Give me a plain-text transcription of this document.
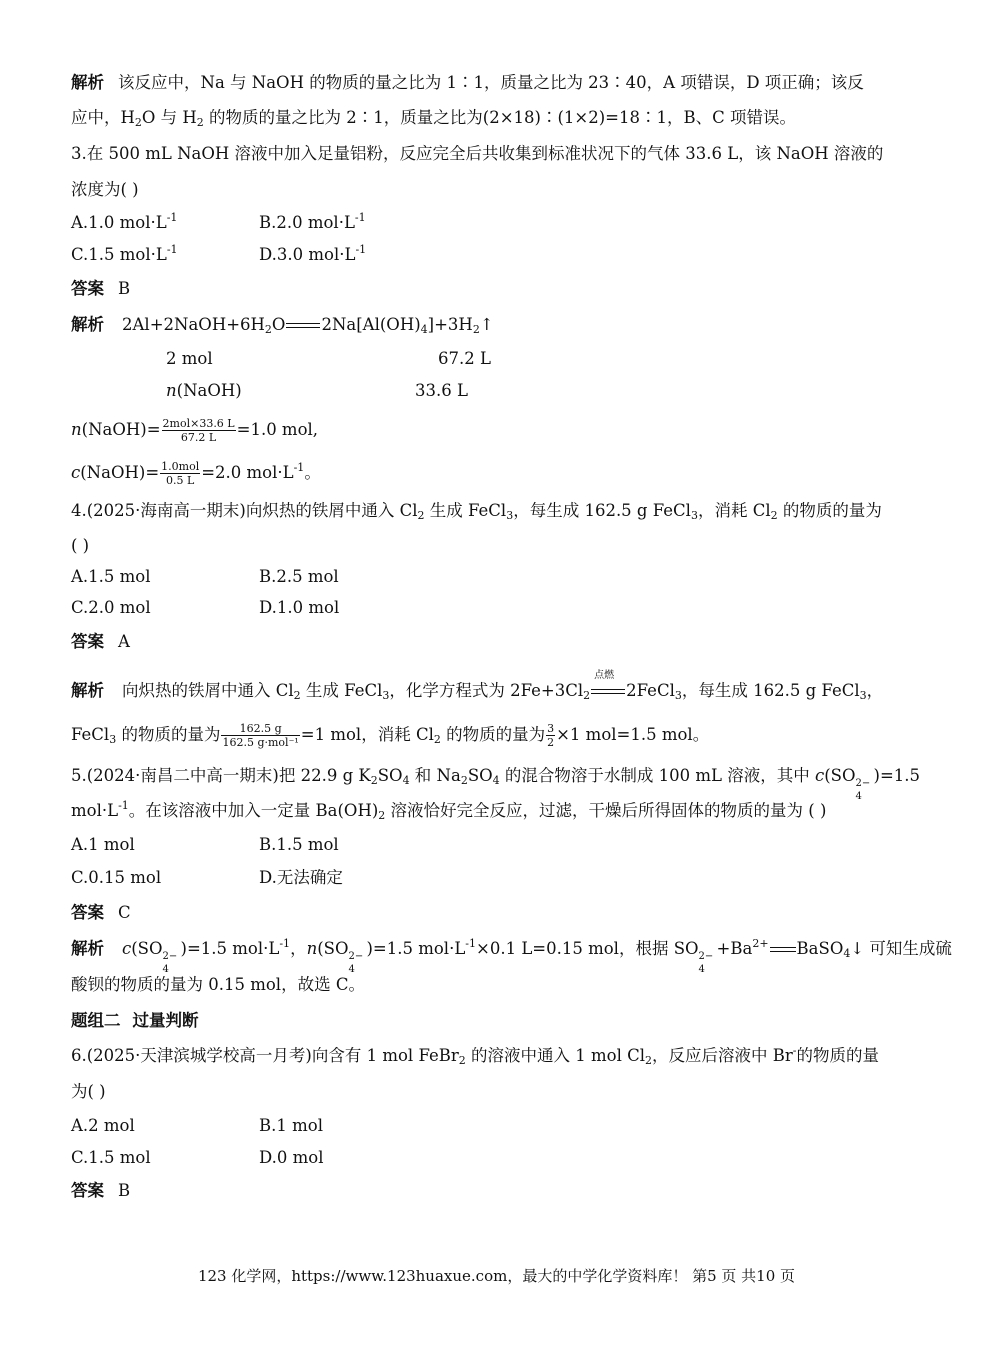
解析 该反应中，Na 与 NaOH 的物质的量之比为 1∶1，质量之比为 23∶40，A 项错误，D 项正确；该反
应中，$H_2O$ 与 $H_2$ 的物质的量之比为 2∶1，质量之比为(2×18)∶(1×2)=18∶1，B、C 项错误。
3.在 500 mL NaOH 溶液中加入足量铝粉，反应完全后共收集到标准状况下的气体 33.6 L，该 NaOH 溶液的
浓度为( )
A.1.0 $mol\cdot L^{-1}$	B.2.0 $mol\cdot L^{-1}$
C.1.5 $mol\cdot L^{-1}$	D.3.0 $mol\cdot L^{-1}$
答案 B
解析 $2Al+2NaOH+6H_2O$ $2Na[Al(OH)_4]+3H_2↑$
2 mol	67.2 L
n(NaOH)	33.6 L
n(NaOH)= $\frac{\text{2mol×33.6 L}}{67.2 L} =1.0$ mol,
c(NaOH)= $\frac{\text{1.0mol}}{0.5 L} =2.0$ $mol\cdot L^{-1}$。
4.(2025·海南高一期末)向炽热的铁屑中通入 $Cl_2$ 生成 FeCl$_3$，每生成 162.5 g FeCl$_3$，消耗 $Cl_2$ 的物质的量为
( )
A.1.5 mol	B.2.5 mol
C.2.0 mol	D.1.0 mol
答案 A
解析 向炽热的铁屑中通入 $Cl_2$ 生成 FeCl$_3$，化学方程式为 $2Fe+3Cl_2$
点燃
2FeCl$_3$，每生成 162.5 g FeCl$_3$，
FeCl$_3$ 的物质的量为 $\frac{162.5 g}{\text{162.5 g·mol⁻¹}} =1$ mol，消耗 $Cl_2$ 的物质的量为 $\frac{3}{2} \times 1$ mol=1.5 mol。
5.(2024·南昌二中高一期末)把 22.9 g $K_2SO_4$ 和 $Na_2SO_4$ 的混合物溶于水制成 100 mL 溶液，其中 c(SO 2−
4
)=1.5
$mol\cdot L^{-1}$。在该溶液中加入一定量 $Ba(OH)_2$ 溶液恰好完全反应，过滤，干燥后所得固体的物质的量为 ( )
A.1 mol	B.1.5 mol
C.0.15 mol	D.无法确定
答案 C
解析 c(SO 2−
4
)=1.5 $mol\cdot L^{-1}$，n(SO 2−
4
)=1.5 $mol\cdot L^{-1}\times 0.1$ L=0.15 mol，根据 SO 2−
4
$+Ba^{2+}$ BaSO$_4$↓ 可知生成硫
酸钡的物质的量为 0.15 mol，故选 C。
题组二 过量判断
6.(2025·天津滨城学校高一月考)向含有 1 mol FeBr$_2$ 的溶液中通入 1 mol $Cl_2$，反应后溶液中 Br-的物质的量
为( )
A.2 mol	B.1 mol
C.1.5 mol	D.0 mol
答案 B
123 化学网，https://www.123huaxue.com，最大的中学化学资料库！ 第5 页 共10 页
